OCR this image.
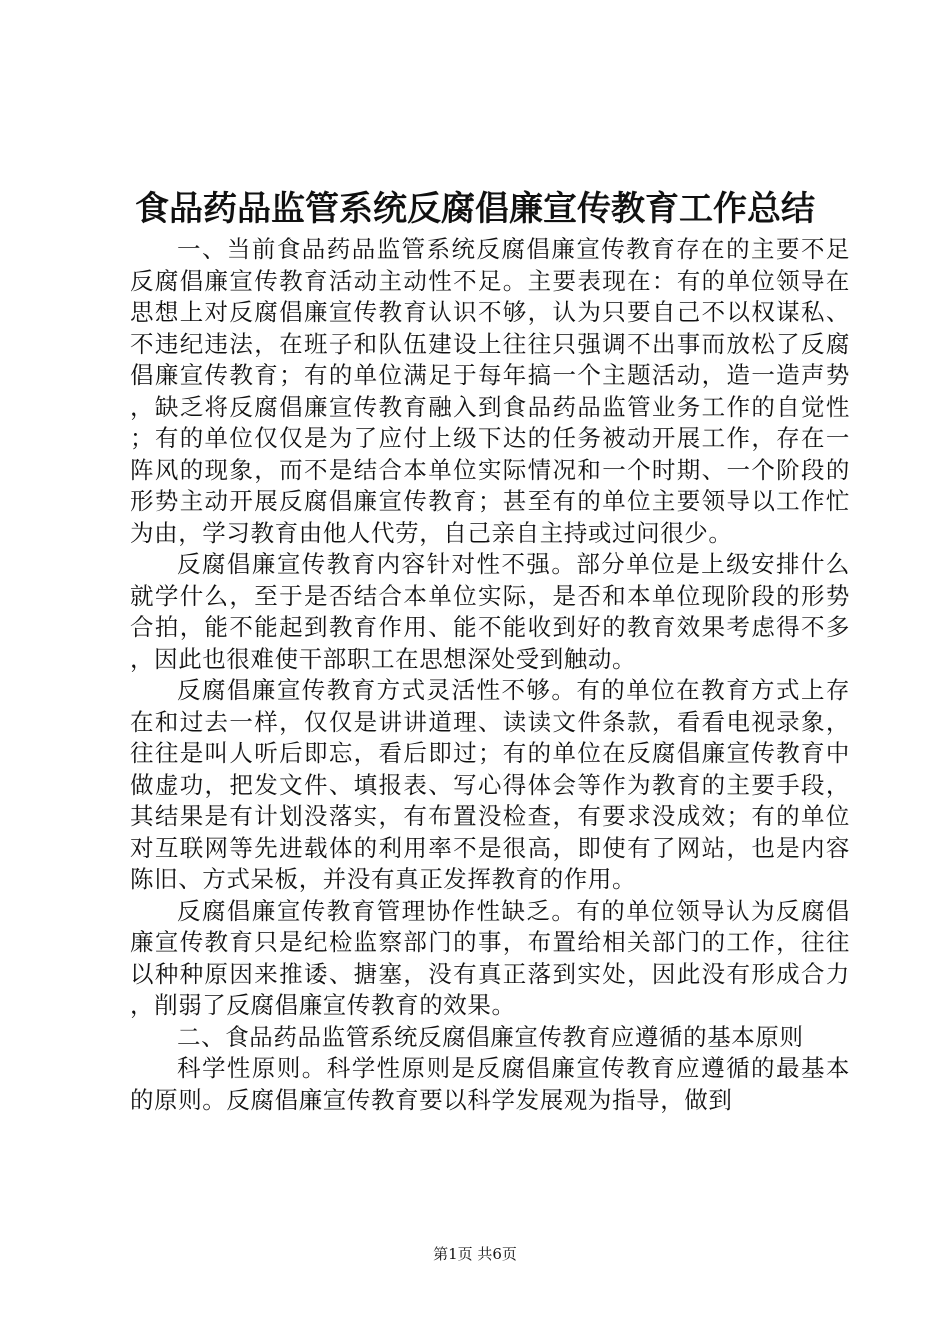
食品药品监管系统反腐倡廉宣传教育工作总结

一、当前食品药品监管系统反腐倡廉宣传教育存在的主要不足反腐倡廉宣传教育活动主动性不足。主要表现在：有的单位领导在思想上对反腐倡廉宣传教育认识不够，认为只要自己不以权谋私、不违纪违法，在班子和队伍建设上往往只强调不出事而放松了反腐倡廉宣传教育；有的单位满足于每年搞一个主题活动，造一造声势，缺乏将反腐倡廉宣传教育融入到食品药品监管业务工作的自觉性；有的单位仅仅是为了应付上级下达的任务被动开展工作，存在一阵风的现象，而不是结合本单位实际情况和一个时期、一个阶段的形势主动开展反腐倡廉宣传教育；甚至有的单位主要领导以工作忙为由，学习教育由他人代劳，自己亲自主持或过问很少。

反腐倡廉宣传教育内容针对性不强。部分单位是上级安排什么就学什么，至于是否结合本单位实际，是否和本单位现阶段的形势合拍，能不能起到教育作用、能不能收到好的教育效果考虑得不多，因此也很难使干部职工在思想深处受到触动。

反腐倡廉宣传教育方式灵活性不够。有的单位在教育方式上存在和过去一样，仅仅是讲讲道理、读读文件条款，看看电视录象，往往是叫人听后即忘，看后即过；有的单位在反腐倡廉宣传教育中做虚功，把发文件、填报表、写心得体会等作为教育的主要手段，其结果是有计划没落实，有布置没检查，有要求没成效；有的单位对互联网等先进载体的利用率不是很高，即使有了网站，也是内容陈旧、方式呆板，并没有真正发挥教育的作用。

反腐倡廉宣传教育管理协作性缺乏。有的单位领导认为反腐倡廉宣传教育只是纪检监察部门的事，布置给相关部门的工作，往往以种种原因来推诿、搪塞，没有真正落到实处，因此没有形成合力，削弱了反腐倡廉宣传教育的效果。

二、食品药品监管系统反腐倡廉宣传教育应遵循的基本原则

科学性原则。科学性原则是反腐倡廉宣传教育应遵循的最基本的原则。反腐倡廉宣传教育要以科学发展观为指导，做到

第1页 共6页
